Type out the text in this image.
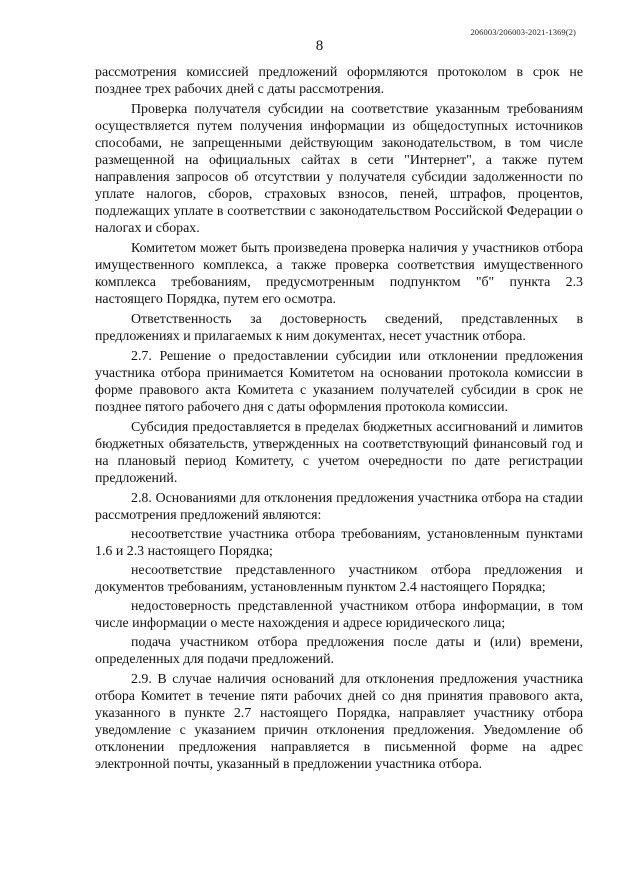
206003/206003-2021-1369(2)
8

рассмотрения комиссией предложений оформляются протоколом в срок не позднее трех рабочих дней с даты рассмотрения.

Проверка получателя субсидии на соответствие указанным требованиям осуществляется путем получения информации из общедоступных источников способами, не запрещенными действующим законодательством, в том числе размещенной на официальных сайтах в сети "Интернет", а также путем направления запросов об отсутствии у получателя субсидии задолженности по уплате налогов, сборов, страховых взносов, пеней, штрафов, процентов, подлежащих уплате в соответствии с законодательством Российской Федерации о налогах и сборах.

Комитетом может быть произведена проверка наличия у участников отбора имущественного комплекса, а также проверка соответствия имущественного комплекса требованиям, предусмотренным подпунктом "б" пункта 2.3 настоящего Порядка, путем его осмотра.

Ответственность за достоверность сведений, представленных в предложениях и прилагаемых к ним документах, несет участник отбора.

2.7. Решение о предоставлении субсидии или отклонении предложения участника отбора принимается Комитетом на основании протокола комиссии в форме правового акта Комитета с указанием получателей субсидии в срок не позднее пятого рабочего дня с даты оформления протокола комиссии.

Субсидия предоставляется в пределах бюджетных ассигнований и лимитов бюджетных обязательств, утвержденных на соответствующий финансовый год и на плановый период Комитету, с учетом очередности по дате регистрации предложений.

2.8. Основаниями для отклонения предложения участника отбора на стадии рассмотрения предложений являются:

несоответствие участника отбора требованиям, установленным пунктами 1.6 и 2.3 настоящего Порядка;

несоответствие представленного участником отбора предложения и документов требованиям, установленным пунктом 2.4 настоящего Порядка;

недостоверность представленной участником отбора информации, в том числе информации о месте нахождения и адресе юридического лица;

подача участником отбора предложения после даты и (или) времени, определенных для подачи предложений.

2.9. В случае наличия оснований для отклонения предложения участника отбора Комитет в течение пяти рабочих дней со дня принятия правового акта, указанного в пункте 2.7 настоящего Порядка, направляет участнику отбора уведомление с указанием причин отклонения предложения. Уведомление об отклонении предложения направляется в письменной форме на адрес электронной почты, указанный в предложении участника отбора.
